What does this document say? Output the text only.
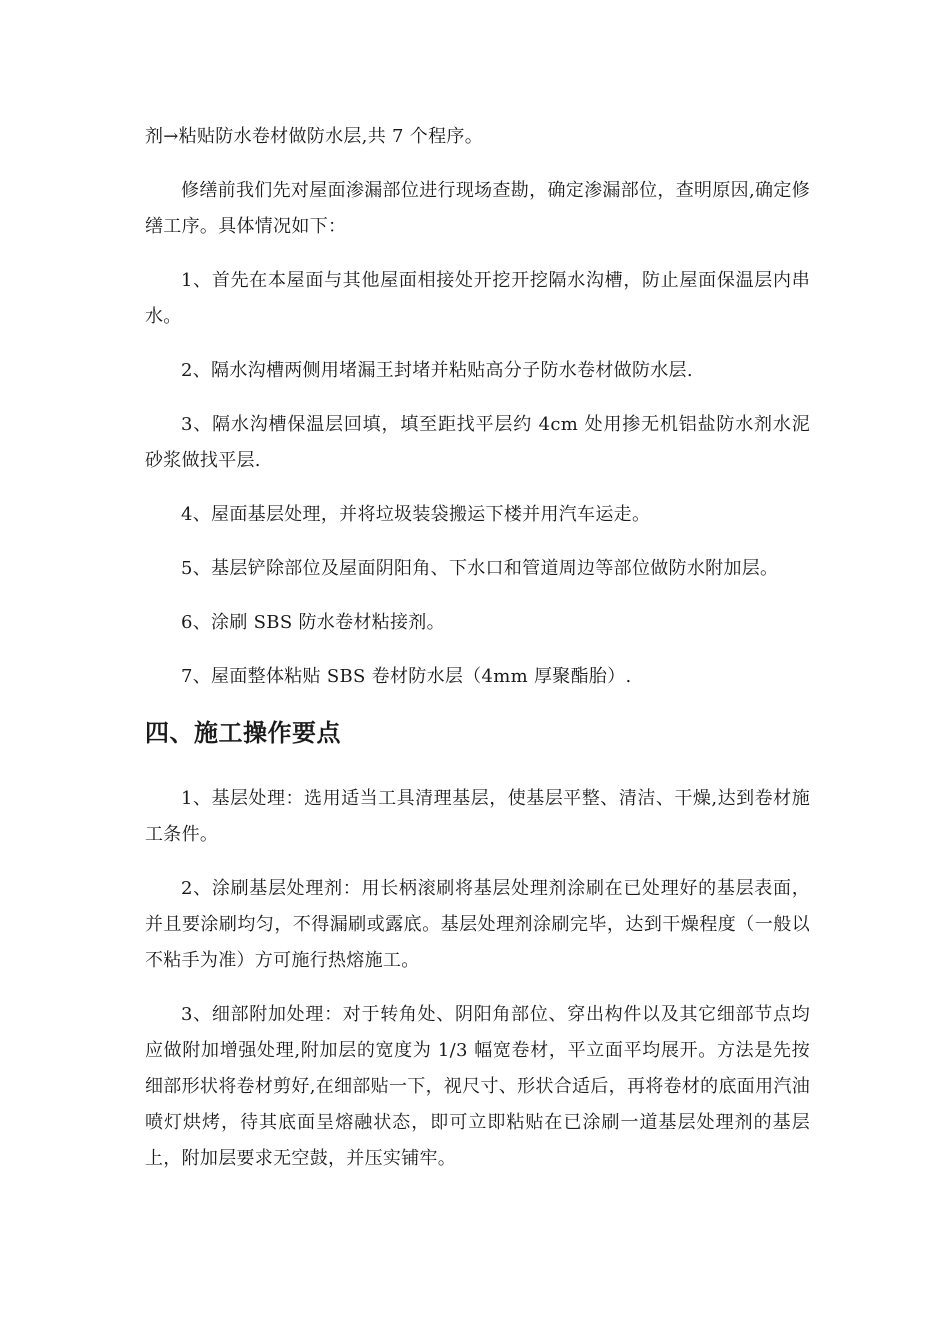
剂→粘贴防水卷材做防水层,共 7 个程序。

修缮前我们先对屋面渗漏部位进行现场查勘，确定渗漏部位，查明原因,确定修缮工序。具体情况如下：

1、首先在本屋面与其他屋面相接处开挖开挖隔水沟槽，防止屋面保温层内串水。

2、隔水沟槽两侧用堵漏王封堵并粘贴高分子防水卷材做防水层.

3、隔水沟槽保温层回填，填至距找平层约 4cm 处用掺无机铝盐防水剂水泥砂浆做找平层.

4、屋面基层处理，并将垃圾装袋搬运下楼并用汽车运走。

5、基层铲除部位及屋面阴阳角、下水口和管道周边等部位做防水附加层。

6、涂刷 SBS 防水卷材粘接剂。

7、屋面整体粘贴 SBS 卷材防水层（4mm 厚聚酯胎）.

四、施工操作要点

1、基层处理：选用适当工具清理基层，使基层平整、清洁、干燥,达到卷材施工条件。

2、涂刷基层处理剂：用长柄滚刷将基层处理剂涂刷在已处理好的基层表面，并且要涂刷均匀，不得漏刷或露底。基层处理剂涂刷完毕，达到干燥程度（一般以不粘手为准）方可施行热熔施工。

3、细部附加处理：对于转角处、阴阳角部位、穿出构件以及其它细部节点均应做附加增强处理,附加层的宽度为 1/3 幅宽卷材，平立面平均展开。方法是先按细部形状将卷材剪好,在细部贴一下，视尺寸、形状合适后，再将卷材的底面用汽油喷灯烘烤，待其底面呈熔融状态，即可立即粘贴在已涂刷一道基层处理剂的基层上，附加层要求无空鼓，并压实铺牢。
